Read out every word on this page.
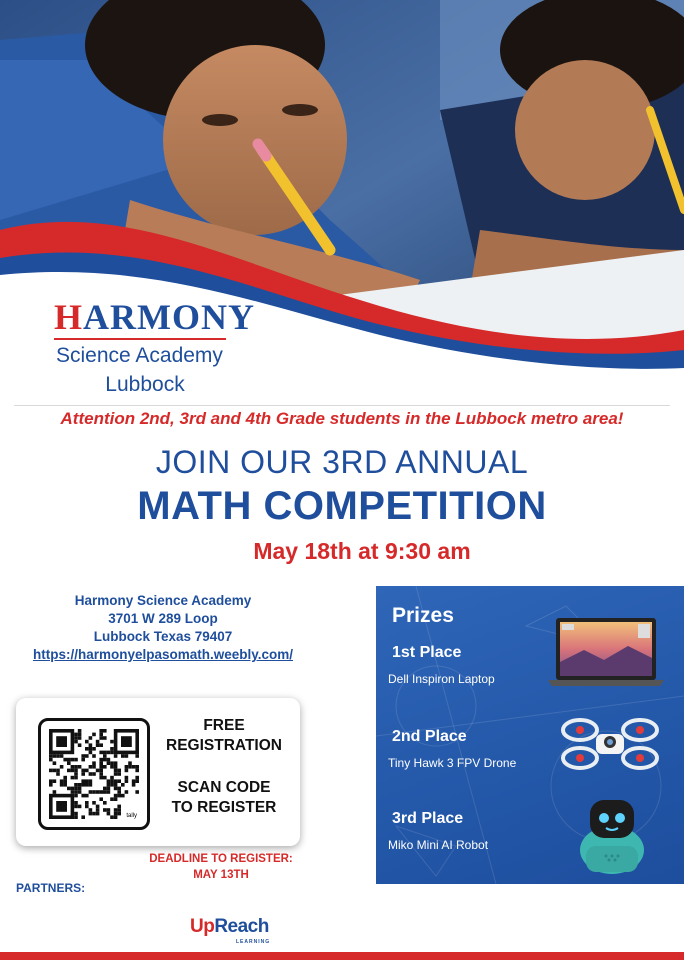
HARMONY
Science Academy
Lubbock
Attention 2nd, 3rd and 4th Grade students in the Lubbock metro area!
JOIN OUR 3RD ANNUAL
MATH COMPETITION
May 18th at 9:30 am
Harmony Science Academy
3701 W 289 Loop
Lubbock Texas 79407
https://harmonyelpasomath.weebly.com/
tally
FREE
REGISTRATION
SCAN CODE
TO REGISTER
DEADLINE TO REGISTER:
MAY 13TH
PARTNERS:
UpReach
LEARNING
Prizes
1st Place
Dell Inspiron Laptop
2nd Place
Tiny Hawk 3 FPV Drone
3rd Place
Miko Mini AI Robot
